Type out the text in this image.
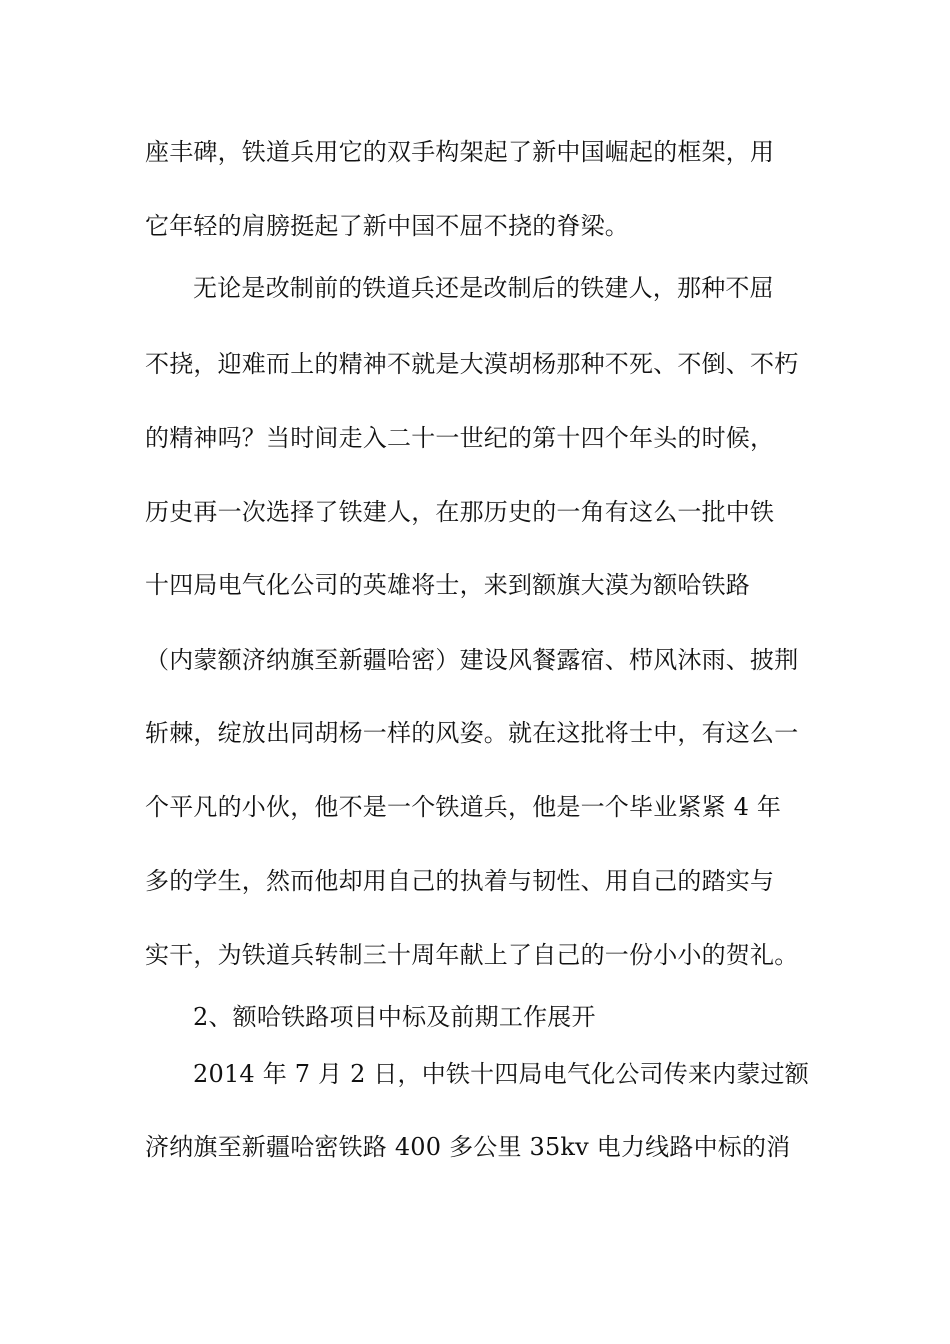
座丰碑，铁道兵用它的双手构架起了新中国崛起的框架，用
它年轻的肩膀挺起了新中国不屈不挠的脊梁。
无论是改制前的铁道兵还是改制后的铁建人，那种不屈
不挠，迎难而上的精神不就是大漠胡杨那种不死、不倒、不朽
的精神吗？当时间走入二十一世纪的第十四个年头的时候，
历史再一次选择了铁建人，在那历史的一角有这么一批中铁
十四局电气化公司的英雄将士，来到额旗大漠为额哈铁路
（内蒙额济纳旗至新疆哈密）建设风餐露宿、栉风沐雨、披荆
斩棘，绽放出同胡杨一样的风姿。就在这批将士中，有这么一
个平凡的小伙，他不是一个铁道兵，他是一个毕业紧紧 4 年
多的学生，然而他却用自己的执着与韧性、用自己的踏实与
实干，为铁道兵转制三十周年献上了自己的一份小小的贺礼。
2、额哈铁路项目中标及前期工作展开
2014 年 7 月 2 日，中铁十四局电气化公司传来内蒙过额
济纳旗至新疆哈密铁路 400 多公里 35kv 电力线路中标的消
